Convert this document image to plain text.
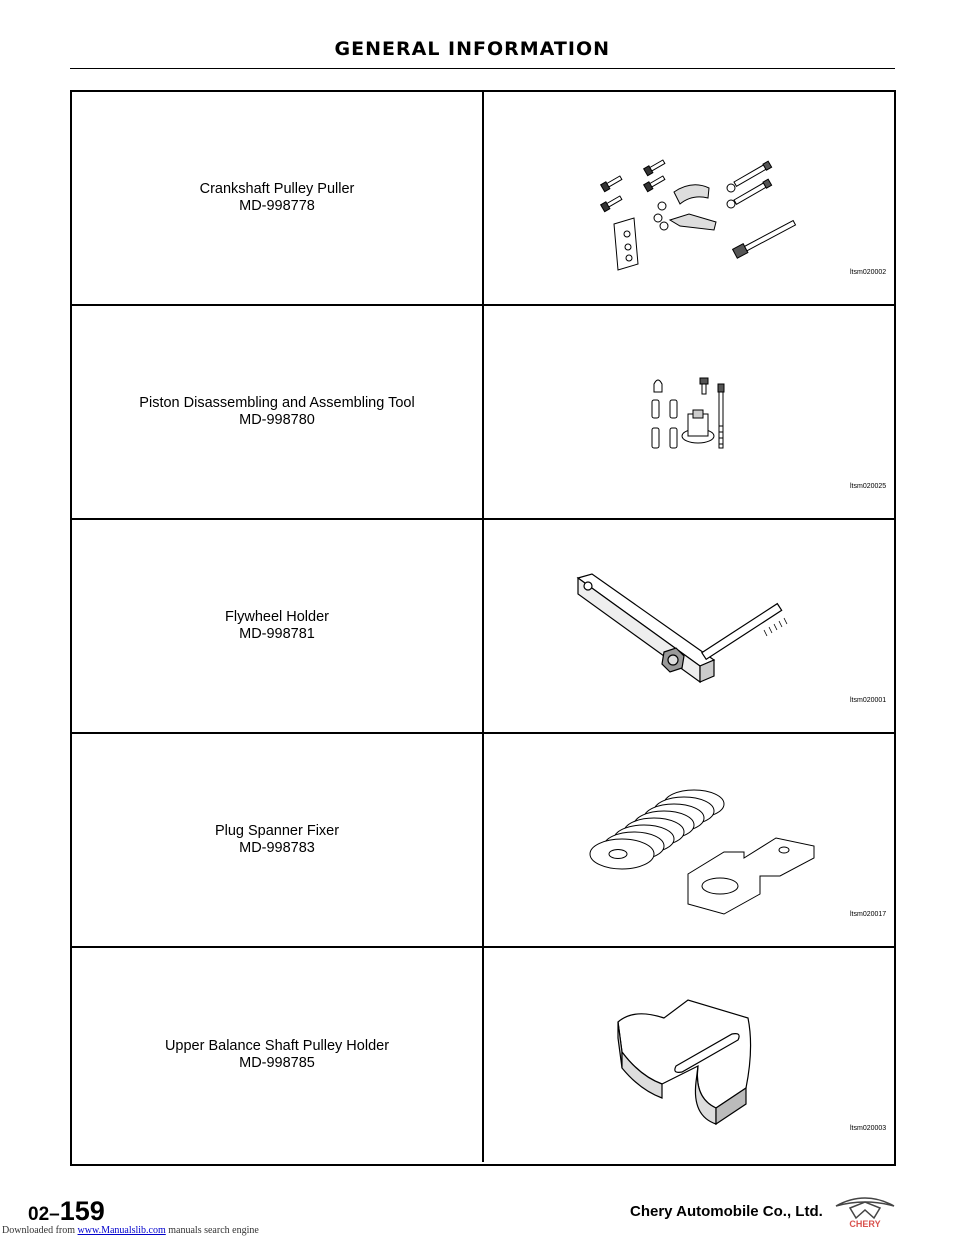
GENERAL INFORMATION
Crankshaft Pulley Puller
MD-998778
ltsm020002
Piston Disassembling and Assembling Tool
MD-998780
ltsm020025
Flywheel Holder
MD-998781
ltsm020001
Plug Spanner Fixer
MD-998783
ltsm020017
Upper Balance Shaft Pulley Holder
MD-998785
ltsm020003
02–159	Chery Automobile Co., Ltd.
CHERY
Downloaded from www.Manualslib.com manuals search engine
